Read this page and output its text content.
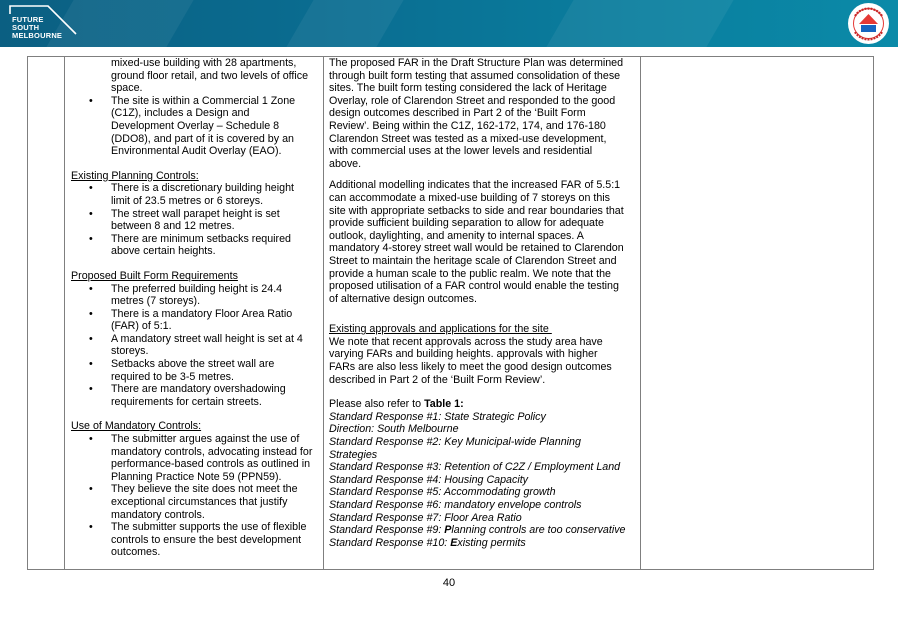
FUTURE
SOUTH
MELBOURNE
mixed-use building with 28 apartments,
ground floor retail, and two levels of office
space.
• The site is within a Commercial 1 Zone
(C1Z), includes a Design and
Development Overlay – Schedule 8
(DDO8), and part of it is covered by an
Environmental Audit Overlay (EAO).
Existing Planning Controls:
• There is a discretionary building height
limit of 23.5 metres or 6 storeys.
• The street wall parapet height is set
between 8 and 12 metres.
• There are minimum setbacks required
above certain heights.
Proposed Built Form Requirements
• The preferred building height is 24.4
metres (7 storeys).
• There is a mandatory Floor Area Ratio
(FAR) of 5:1.
• A mandatory street wall height is set at 4
storeys.
• Setbacks above the street wall are
required to be 3-5 metres.
• There are mandatory overshadowing
requirements for certain streets.
Use of Mandatory Controls:
• The submitter argues against the use of
mandatory controls, advocating instead for
performance-based controls as outlined in
Planning Practice Note 59 (PPN59).
• They believe the site does not meet the
exceptional circumstances that justify
mandatory controls.
• The submitter supports the use of flexible
controls to ensure the best development
outcomes.
The proposed FAR in the Draft Structure Plan was determined
through built form testing that assumed consolidation of these
sites. The built form testing considered the lack of Heritage
Overlay, role of Clarendon Street and responded to the good
design outcomes described in Part 2 of the ‘Built Form
Review’. Being within the C1Z, 162-172, 174, and 176-180
Clarendon Street was tested as a mixed-use development,
with commercial uses at the lower levels and residential
above.
Additional modelling indicates that the increased FAR of 5.5:1
can accommodate a mixed-use building of 7 storeys on this
site with appropriate setbacks to side and rear boundaries that
provide sufficient building separation to allow for adequate
outlook, daylighting, and amenity to internal spaces. A
mandatory 4-storey street wall would be retained to Clarendon
Street to maintain the heritage scale of Clarendon Street and
provide a human scale to the public realm. We note that the
proposed utilisation of a FAR control would enable the testing
of alternative design outcomes.
Existing approvals and applications for the site
We note that recent approvals across the study area have
varying FARs and building heights. approvals with higher
FARs are also less likely to meet the good design outcomes
described in Part 2 of the ‘Built Form Review’.
Please also refer to Table 1:
Standard Response #1: State Strategic Policy
Direction: South Melbourne
Standard Response #2: Key Municipal-wide Planning
Strategies
Standard Response #3: Retention of C2Z / Employment Land
Standard Response #4: Housing Capacity
Standard Response #5: Accommodating growth
Standard Response #6: mandatory envelope controls
Standard Response #7: Floor Area Ratio
Standard Response #9: Planning controls are too conservative
Standard Response #10: Existing permits
40
